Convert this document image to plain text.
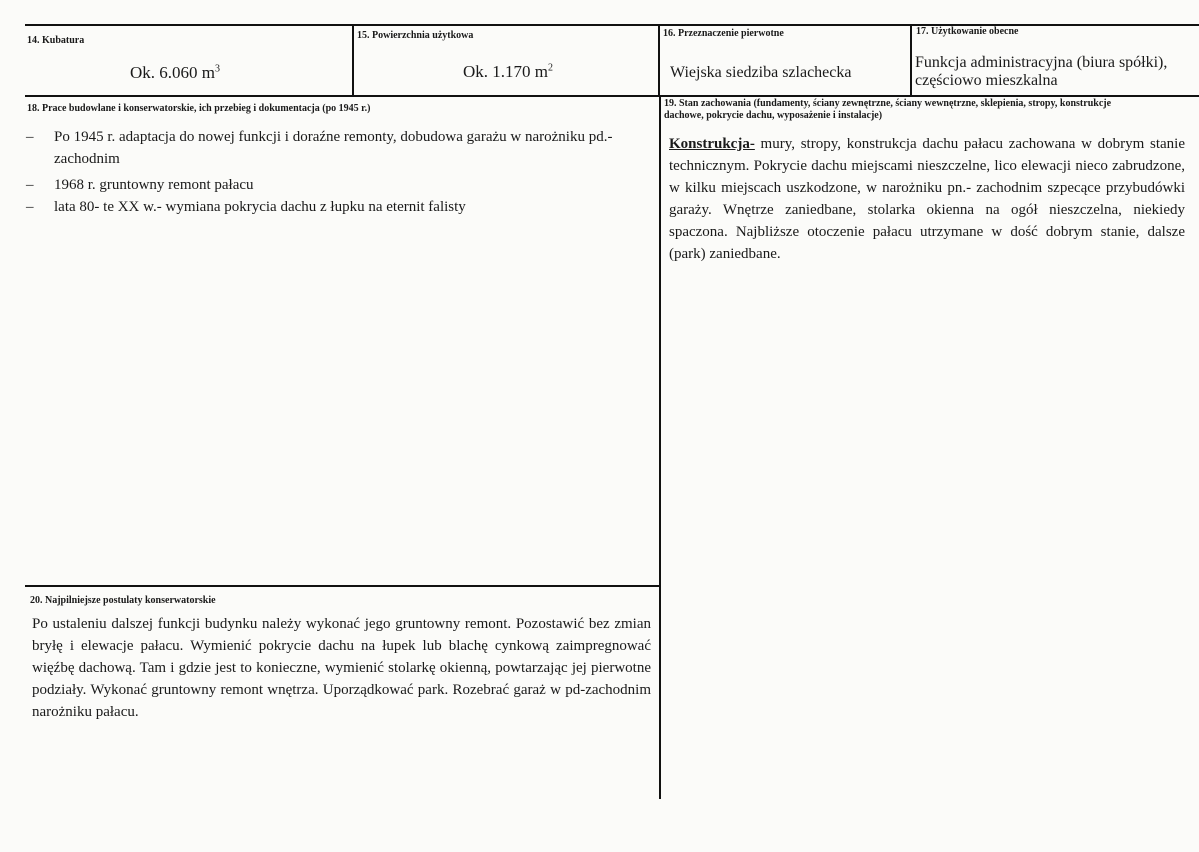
14. Kubatura
Ok. 6.060 $m^3$
15. Powierzchnia użytkowa
Ok. 1.170 $m^2$
16. Przeznaczenie pierwotne
Wiejska siedziba szlachecka
17. Użytkowanie obecne
Funkcja administracyjna (biura spółki),
częściowo mieszkalna
18. Prace budowlane i konserwatorskie, ich przebieg i dokumentacja (po 1945 r.)
– Po 1945 r. adaptacja do nowej funkcji i doraźne remonty, dobudowa garażu w narożniku pd.-
zachodnim
– 1968 r. gruntowny remont pałacu
– lata 80- te XX w.- wymiana pokrycia dachu z łupku na eternit falisty
19. Stan zachowania (fundamenty, ściany zewnętrzne, ściany wewnętrzne, sklepienia, stropy, konstrukcje
dachowe, pokrycie dachu, wyposażenie i instalacje)
Konstrukcja- mury, stropy, konstrukcja dachu pałacu zachowana w dobrym stanie technicznym. Pokrycie dachu miejscami nieszczelne, lico elewacji nieco zabrudzone, w kilku miejscach uszkodzone, w narożniku pn.- zachodnim szpecące przybudówki garaży. Wnętrze zaniedbane, stolarka okienna na ogół nieszczelna, niekiedy spaczona. Najbliższe otoczenie pałacu utrzymane w dość dobrym stanie, dalsze (park) zaniedbane.
20. Najpilniejsze postulaty konserwatorskie
Po ustaleniu dalszej funkcji budynku należy wykonać jego gruntowny remont. Pozostawić bez zmian bryłę i elewacje pałacu. Wymienić pokrycie dachu na łupek lub blachę cynkową zaimpregnować więźbę dachową. Tam i gdzie jest to konieczne, wymienić stolarkę okienną, powtarzając jej pierwotne podziały. Wykonać gruntowny remont wnętrza. Uporządkować park. Rozebrać garaż w pd-zachodnim narożniku pałacu.
